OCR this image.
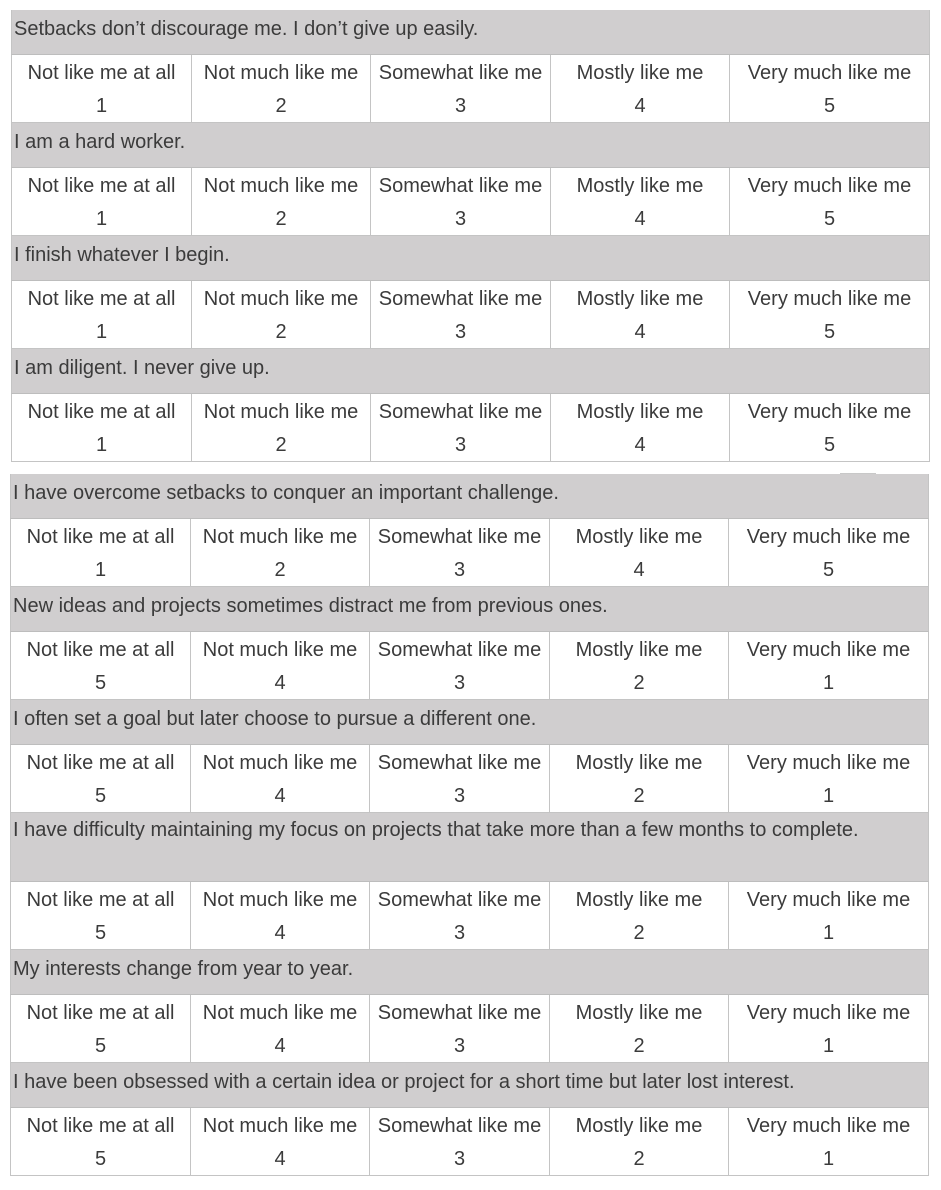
Setbacks don’t discourage me. I don’t give up easily.
Not like me at all
1
Not much like me
2
Somewhat like me
3
Mostly like me
4
Very much like me
5
I am a hard worker.
Not like me at all
1
Not much like me
2
Somewhat like me
3
Mostly like me
4
Very much like me
5
I finish whatever I begin.
Not like me at all
1
Not much like me
2
Somewhat like me
3
Mostly like me
4
Very much like me
5
I am diligent. I never give up.
Not like me at all
1
Not much like me
2
Somewhat like me
3
Mostly like me
4
Very much like me
5
I have overcome setbacks to conquer an important challenge.
Not like me at all
1
Not much like me
2
Somewhat like me
3
Mostly like me
4
Very much like me
5
New ideas and projects sometimes distract me from previous ones.
Not like me at all
5
Not much like me
4
Somewhat like me
3
Mostly like me
2
Very much like me
1
I often set a goal but later choose to pursue a different one.
Not like me at all
5
Not much like me
4
Somewhat like me
3
Mostly like me
2
Very much like me
1
I have difficulty maintaining my focus on projects that take more than a few months to complete.
Not like me at all
5
Not much like me
4
Somewhat like me
3
Mostly like me
2
Very much like me
1
My interests change from year to year.
Not like me at all
5
Not much like me
4
Somewhat like me
3
Mostly like me
2
Very much like me
1
I have been obsessed with a certain idea or project for a short time but later lost interest.
Not like me at all
5
Not much like me
4
Somewhat like me
3
Mostly like me
2
Very much like me
1
